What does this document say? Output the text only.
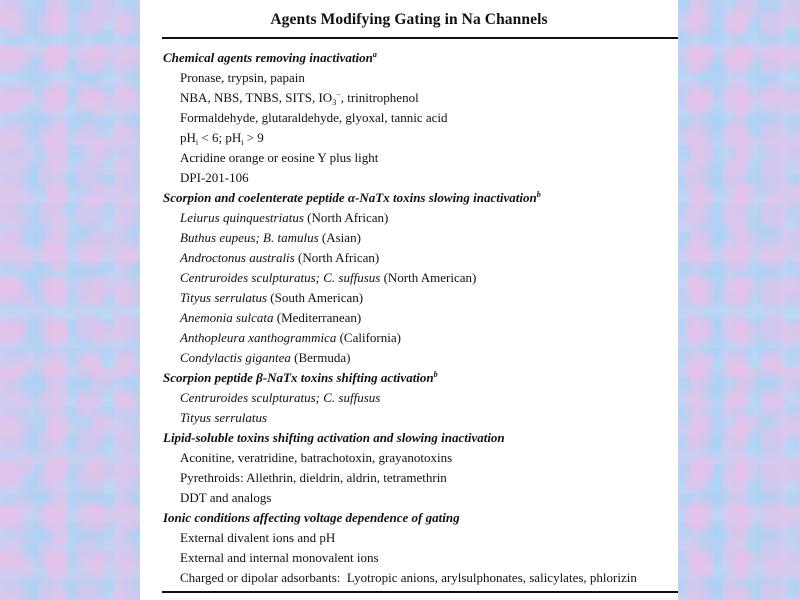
Agents Modifying Gating in Na Channels
Chemical agents removing inactivation$^a$
Pronase, trypsin, papain
NBA, NBS, TNBS, SITS, $IO_3^-$, trinitrophenol
Formaldehyde, glutaraldehyde, glyoxal, tannic acid
$pH_i < 6$; $pH_i > 9$
Acridine orange or eosine Y plus light
DPI-201-106
Scorpion and coelenterate peptide α-NaTx toxins slowing inactivation$^b$
Leiurus quinquestriatus (North African)
Buthus eupeus; B. tamulus (Asian)
Androctonus australis (North African)
Centruroides sculpturatus; C. suffusus (North American)
Tityus serrulatus (South American)
Anemonia sulcata (Mediterranean)
Anthopleura xanthogrammica (California)
Condylactis gigantea (Bermuda)
Scorpion peptide β-NaTx toxins shifting activation$^b$
Centruroides sculpturatus; C. suffusus
Tityus serrulatus
Lipid-soluble toxins shifting activation and slowing inactivation
Aconitine, veratridine, batrachotoxin, grayanotoxins
Pyrethroids: Allethrin, dieldrin, aldrin, tetramethrin
DDT and analogs
Ionic conditions affecting voltage dependence of gating
External divalent ions and pH
External and internal monovalent ions
Charged or dipolar adsorbants:  Lyotropic anions, arylsulphonates, salicylates, phlorizin
